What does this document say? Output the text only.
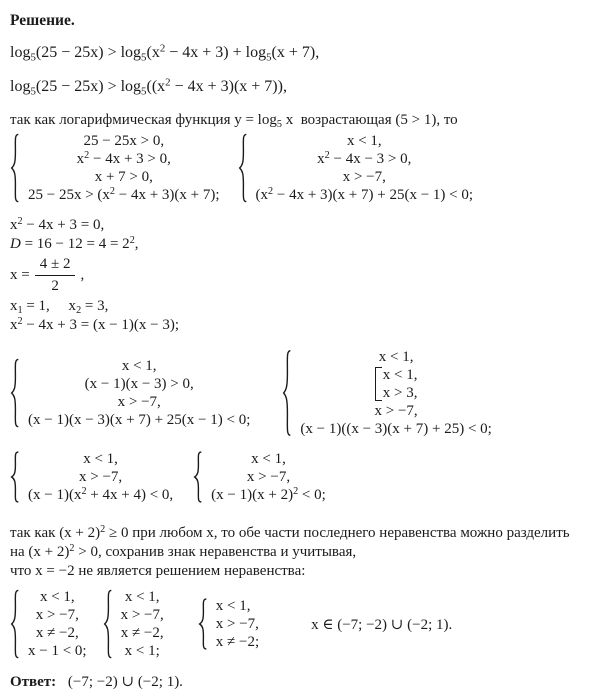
Решение.
$\log_5(25 - 25x) > \log_5(x^2 - 4x + 3) + \log_5(x + 7)$,
$\log_5(25 - 25x) > \log_5((x^2 - 4x + 3)(x + 7))$,
так как логарифмическая функция $y = \log_5 x$  возрастающая (5 > 1), то
25 − 25x > 0,
$x^2 - 4x + 3 > 0$,
x + 7 > 0,
$25 - 25x > (x^2 - 4x + 3)(x + 7)$;
x < 1,
$x^2 - 4x - 3 > 0$,
x > −7,
$(x^2 - 4x + 3)(x + 7) + 25(x - 1) < 0$;
$x^2 - 4x + 3 = 0$,
$D = 16 - 12 = 4 = 2^2$,
$x = \frac{4 \pm 2}{2}$ ,
$x_1 = 1$,     $x_2 = 3$,
$x^2 - 4x + 3 = (x - 1)(x - 3)$;
x < 1,
(x − 1)(x − 3) > 0,
x > −7,
(x − 1)(x − 3)(x + 7) + 25(x − 1) < 0;
x < 1,
x < 1,
x > 3,
x > −7,
(x − 1)((x − 3)(x + 7) + 25) < 0;
x < 1,
x > −7,
$(x - 1)(x^2 + 4x + 4) < 0$,
x < 1,
x > −7,
$(x - 1)(x + 2)^2 < 0$;
так как $(x + 2)^2 \ge 0$ при любом x, то обе части последнего неравенства можно разделить
на $(x + 2)^2 > 0$, сохранив знак неравенства и учитывая,
что x = −2 не является решением неравенства:
x < 1,
x > −7,
x ≠ −2,
x − 1 < 0;
x < 1,
x > −7,
x ≠ −2,
x < 1;
x < 1,
x > −7,
x ≠ −2;
x ∈ (−7; −2) ∪ (−2; 1).
Ответ: (−7; −2) ∪ (−2; 1).
